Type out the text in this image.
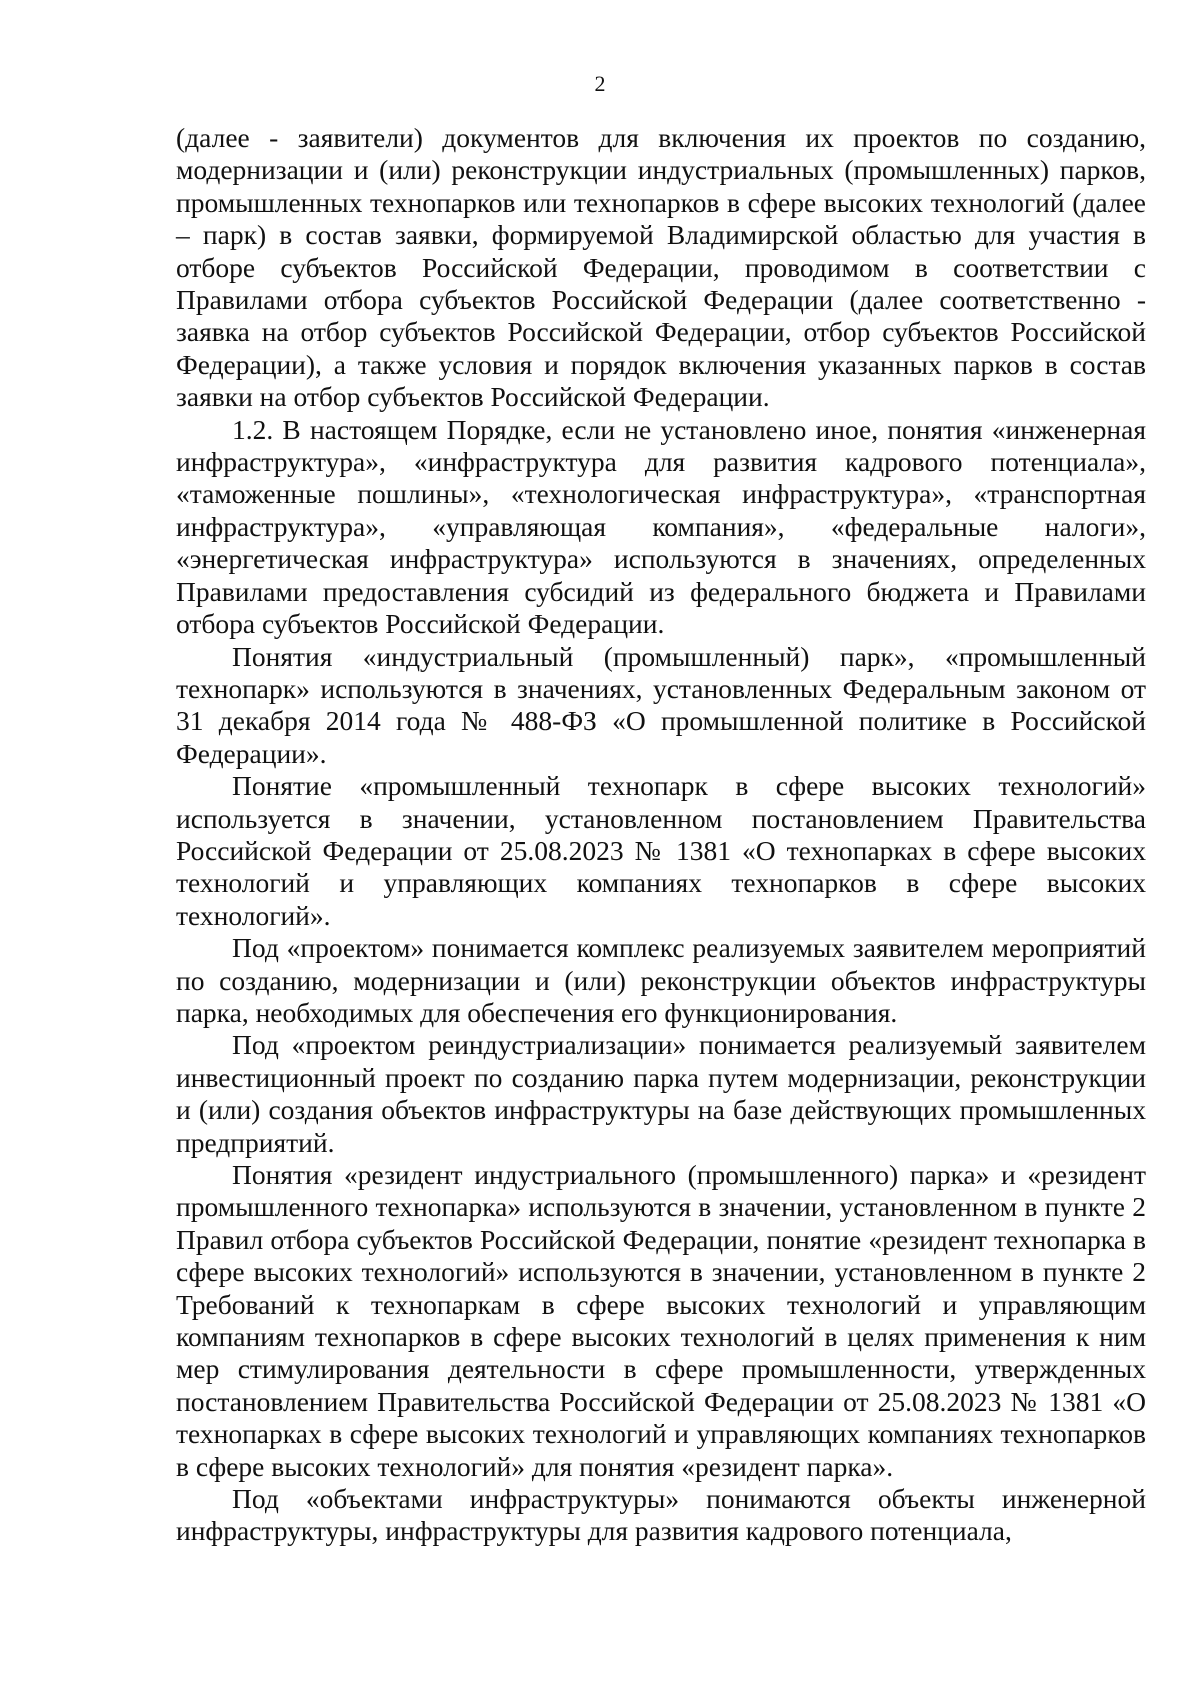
2

(далее - заявители) документов для включения их проектов по созданию, модернизации и (или) реконструкции индустриальных (промышленных) парков, промышленных технопарков или технопарков в сфере высоких технологий (далее – парк) в состав заявки, формируемой Владимирской областью для участия в отборе субъектов Российской Федерации, проводимом в соответствии с Правилами отбора субъектов Российской Федерации (далее соответственно - заявка на отбор субъектов Российской Федерации, отбор субъектов Российской Федерации), а также условия и порядок включения указанных парков в состав заявки на отбор субъектов Российской Федерации.

1.2. В настоящем Порядке, если не установлено иное, понятия «инженерная инфраструктура», «инфраструктура для развития кадрового потенциала», «таможенные пошлины», «технологическая инфраструктура», «транспортная инфраструктура», «управляющая компания», «федеральные налоги», «энергетическая инфраструктура» используются в значениях, определенных Правилами предоставления субсидий из федерального бюджета и Правилами отбора субъектов Российской Федерации.

Понятия «индустриальный (промышленный) парк», «промышленный технопарк» используются в значениях, установленных Федеральным законом от 31 декабря 2014 года № 488-ФЗ «О промышленной политике в Российской Федерации».

Понятие «промышленный технопарк в сфере высоких технологий» используется в значении, установленном постановлением Правительства Российской Федерации от 25.08.2023 № 1381 «О технопарках в сфере высоких технологий и управляющих компаниях технопарков в сфере высоких технологий».

Под «проектом» понимается комплекс реализуемых заявителем мероприятий по созданию, модернизации и (или) реконструкции объектов инфраструктуры парка, необходимых для обеспечения его функционирования.

Под «проектом реиндустриализации» понимается реализуемый заявителем инвестиционный проект по созданию парка путем модернизации, реконструкции и (или) создания объектов инфраструктуры на базе действующих промышленных предприятий.

Понятия «резидент индустриального (промышленного) парка» и «резидент промышленного технопарка» используются в значении, установленном в пункте 2 Правил отбора субъектов Российской Федерации, понятие «резидент технопарка в сфере высоких технологий» используются в значении, установленном в пункте 2 Требований к технопаркам в сфере высоких технологий и управляющим компаниям технопарков в сфере высоких технологий в целях применения к ним мер стимулирования деятельности в сфере промышленности, утвержденных постановлением Правительства Российской Федерации от 25.08.2023 № 1381 «О технопарках в сфере высоких технологий и управляющих компаниях технопарков в сфере высоких технологий» для понятия «резидент парка».

Под «объектами инфраструктуры» понимаются объекты инженерной инфраструктуры, инфраструктуры для развития кадрового потенциала,
